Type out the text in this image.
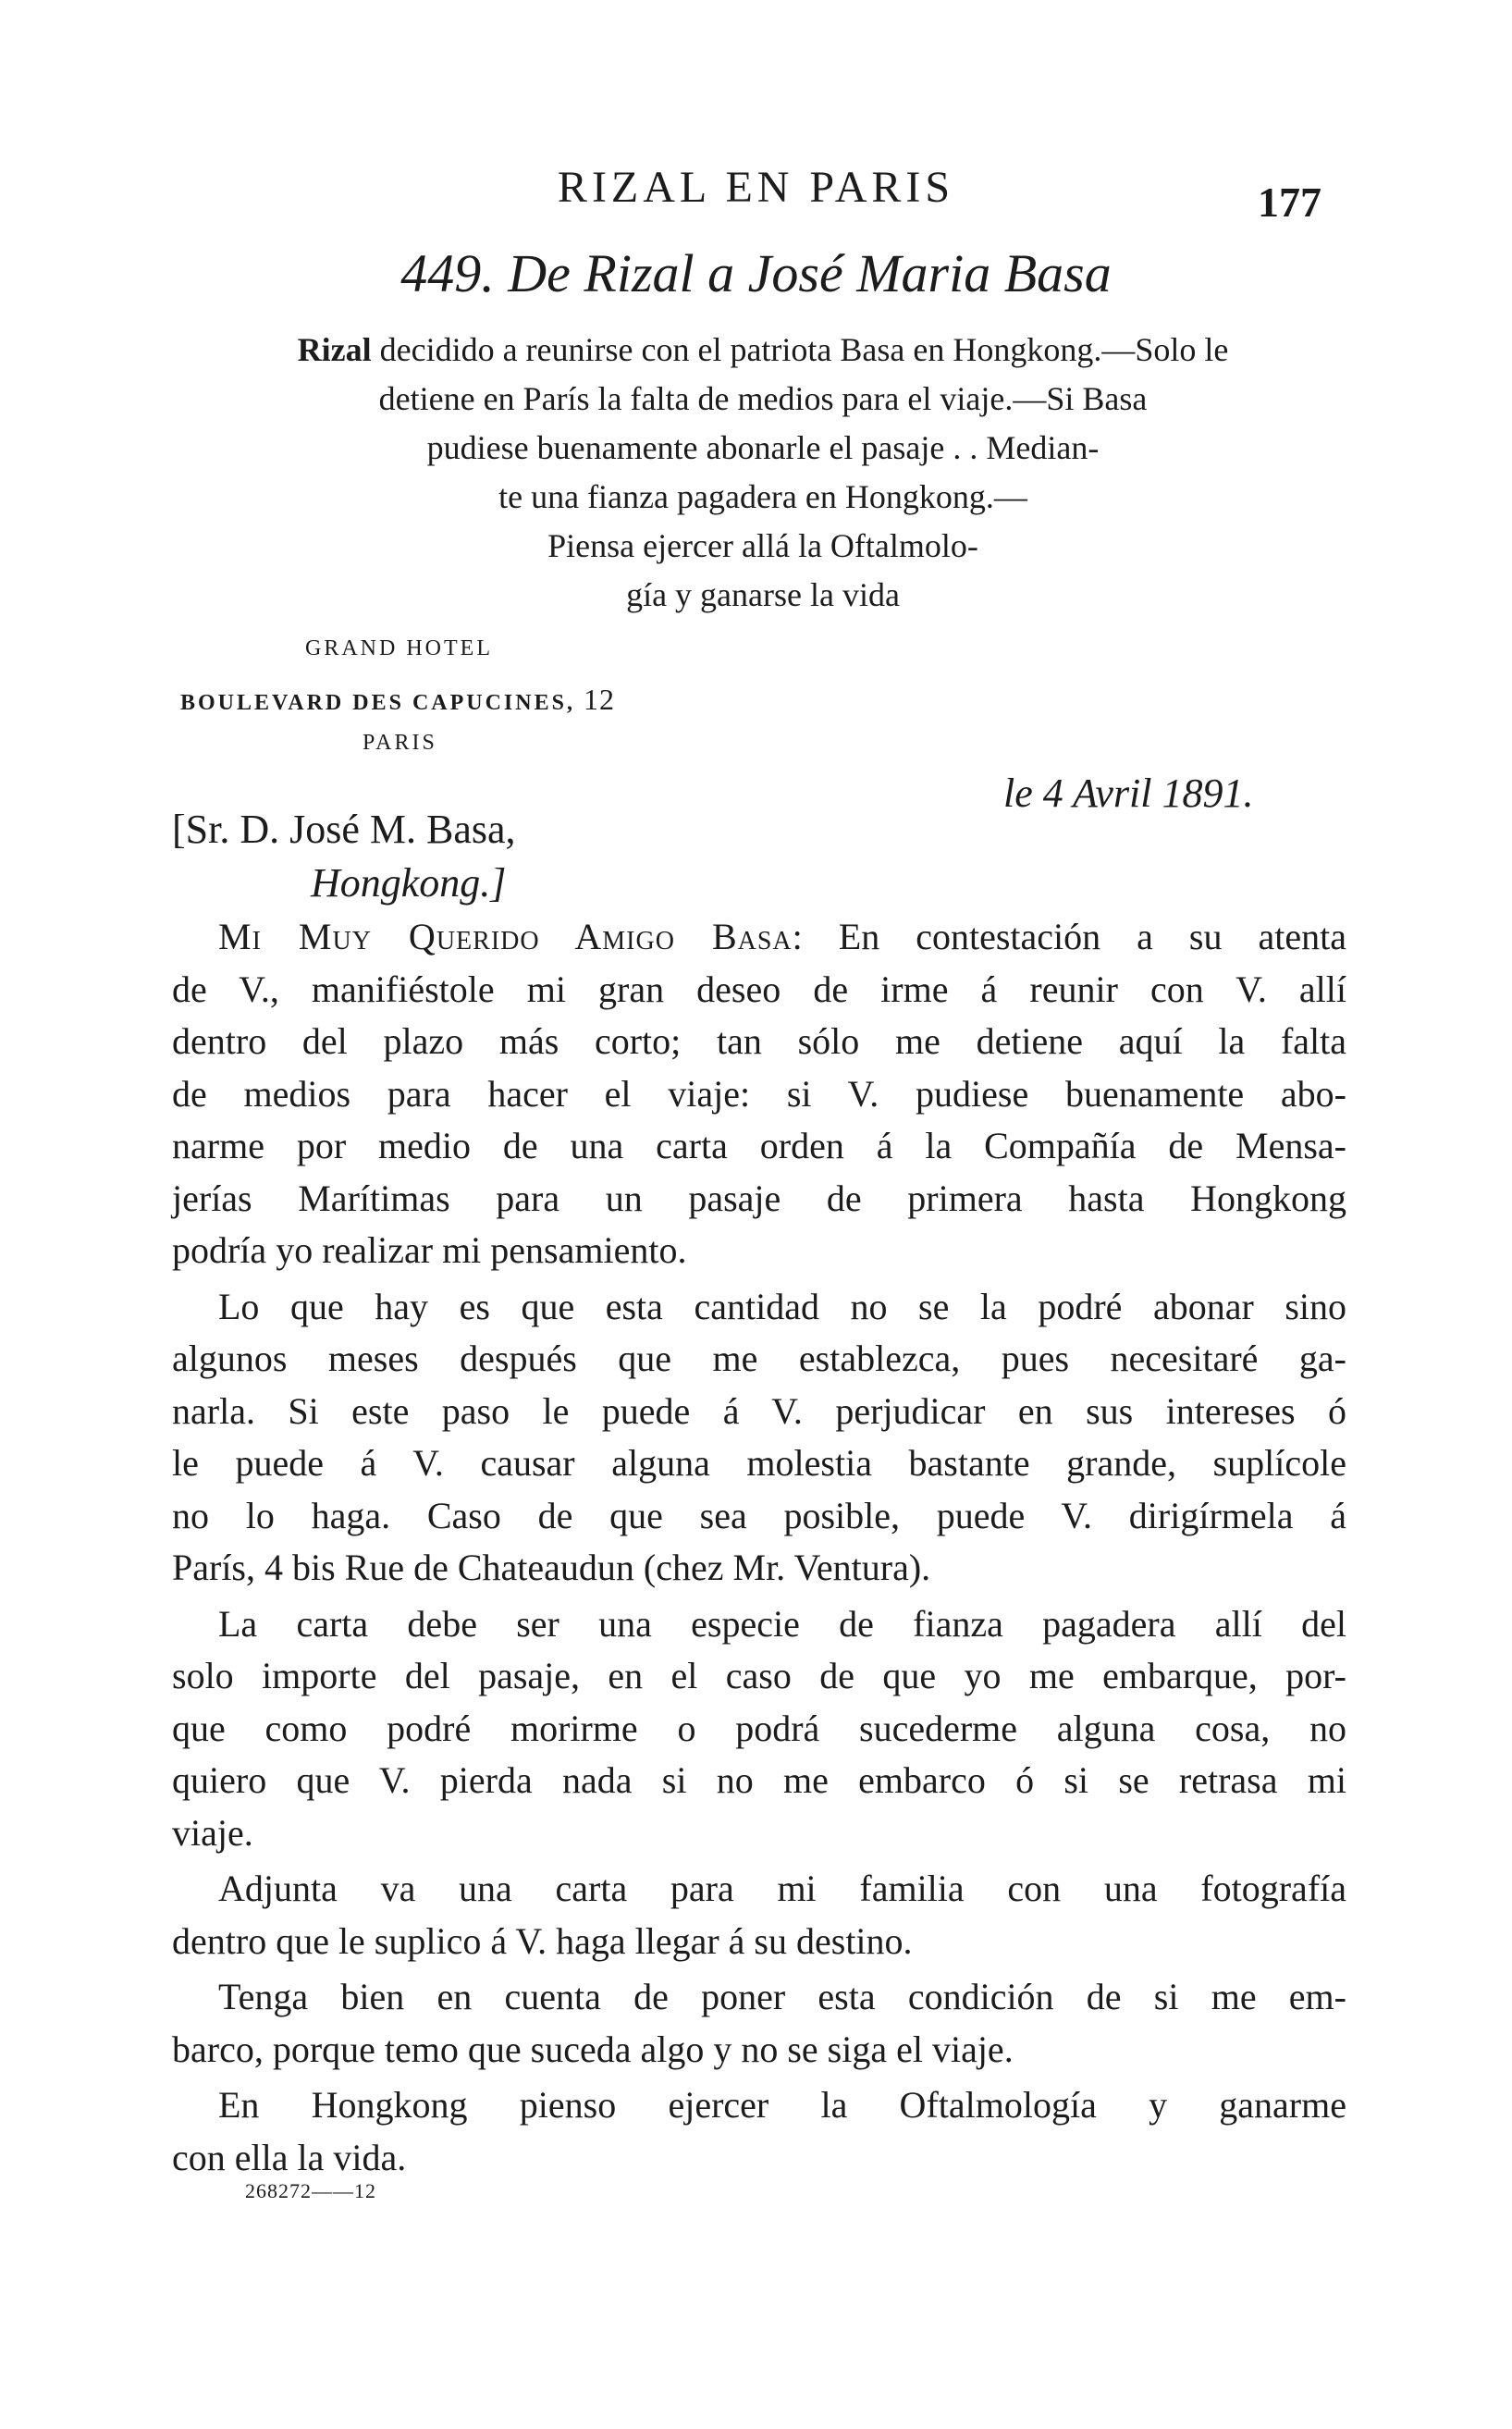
RIZAL EN PARIS	177
449. De Rizal a José Maria Basa

Rizal decidido a reunirse con el patriota Basa en Hongkong.—Solo le

detiene en París la falta de medios para el viaje.—Si Basa

pudiese buenamente abonarle el pasaje . . Median-

te una fianza pagadera en Hongkong.—

Piensa ejercer allá la Oftalmolo-

gía y ganarse la vida

GRAND HOTEL
BOULEVARD DES CAPUCINES, 12
PARIS
le 4 Avril 1891.
[Sr. D. José M. Basa,
Hongkong.]
Mi Muy Querido Amigo Basa: En contestación a su atenta
de V., manifiéstole mi gran deseo de irme á reunir con V. allí
dentro del plazo más corto; tan sólo me detiene aquí la falta
de medios para hacer el viaje: si V. pudiese buenamente abo-
narme por medio de una carta orden á la Compañía de Mensa-
jerías Marítimas para un pasaje de primera hasta Hongkong
podría yo realizar mi pensamiento.
Lo que hay es que esta cantidad no se la podré abonar sino
algunos meses después que me establezca, pues necesitaré ga-
narla. Si este paso le puede á V. perjudicar en sus intereses ó
le puede á V. causar alguna molestia bastante grande, suplícole
no lo haga. Caso de que sea posible, puede V. dirigírmela á
París, 4 bis Rue de Chateaudun (chez Mr. Ventura).
La carta debe ser una especie de fianza pagadera allí del
solo importe del pasaje, en el caso de que yo me embarque, por-
que como podré morirme o podrá sucederme alguna cosa, no
quiero que V. pierda nada si no me embarco ó si se retrasa mi
viaje.
Adjunta va una carta para mi familia con una fotografía
dentro que le suplico á V. haga llegar á su destino.
Tenga bien en cuenta de poner esta condición de si me em-
barco, porque temo que suceda algo y no se siga el viaje.
En Hongkong pienso ejercer la Oftalmología y ganarme
con ella la vida.
268272——12
